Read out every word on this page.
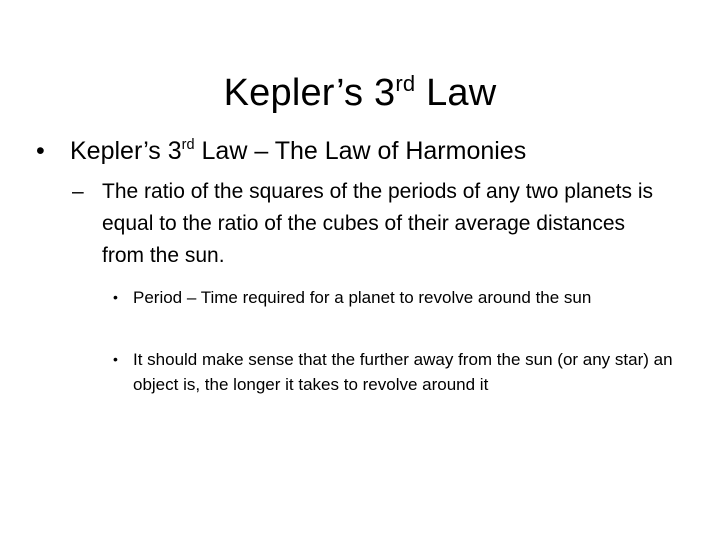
Kepler’s 3rd Law
•	Kepler’s 3rd Law – The Law of Harmonies
– The ratio of the squares of the periods of any two planets is equal to the ratio of the cubes of their average distances from the sun.
• Period – Time required for a planet to revolve around the sun
• It should make sense that the further away from the sun (or any star) an object is, the longer it takes to revolve around it
